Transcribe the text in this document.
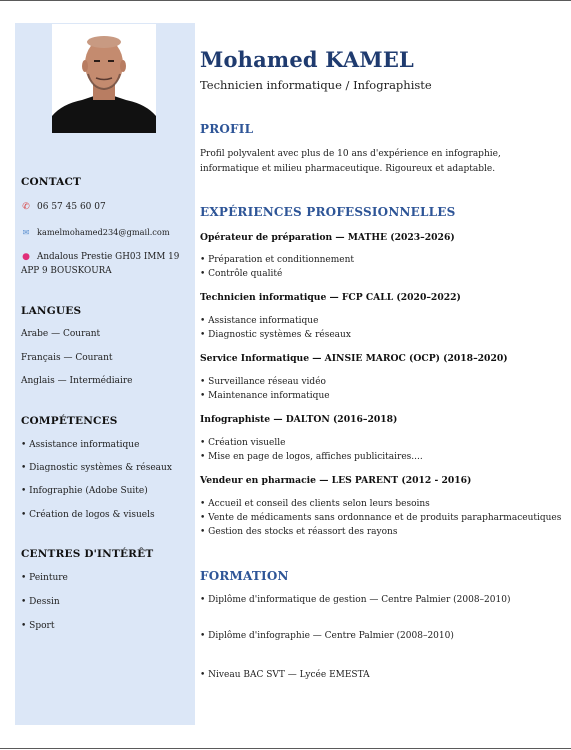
CONTACT
✆ 06 57 45 60 07
✉ kamelmohamed234@gmail.com
● Andalous Prestie GH03 IMM 19 APP 9 BOUSKOURA
LANGUES
Arabe — Courant
Français — Courant
Anglais — Intermédiaire
COMPÉTENCES
• Assistance informatique
• Diagnostic systèmes & réseaux
• Infographie (Adobe Suite)
• Création de logos & visuels
CENTRES D'INTÉRÊT
• Peinture
• Dessin
• Sport
Mohamed KAMEL
Technicien informatique / Infographiste
PROFIL
Profil polyvalent avec plus de 10 ans d'expérience en infographie, informatique et milieu pharmaceutique. Rigoureux et adaptable.
EXPÉRIENCES PROFESSIONNELLES
Opérateur de préparation — MATHE (2023–2026)
• Préparation et conditionnement
• Contrôle qualité
Technicien informatique — FCP CALL (2020–2022)
• Assistance informatique
• Diagnostic systèmes & réseaux
Service Informatique — AINSIE MAROC (OCP) (2018–2020)
• Surveillance réseau vidéo
• Maintenance informatique
Infographiste — DALTON (2016–2018)
• Création visuelle
• Mise en page de logos, affiches publicitaires....
Vendeur en pharmacie — LES PARENT (2012 - 2016)
• Accueil et conseil des clients selon leurs besoins
• Vente de médicaments sans ordonnance et de produits parapharmaceutiques
• Gestion des stocks et réassort des rayons
FORMATION
• Diplôme d'informatique de gestion — Centre Palmier (2008–2010)
• Diplôme d'infographie — Centre Palmier (2008–2010)
• Niveau BAC SVT — Lycée EMESTA
